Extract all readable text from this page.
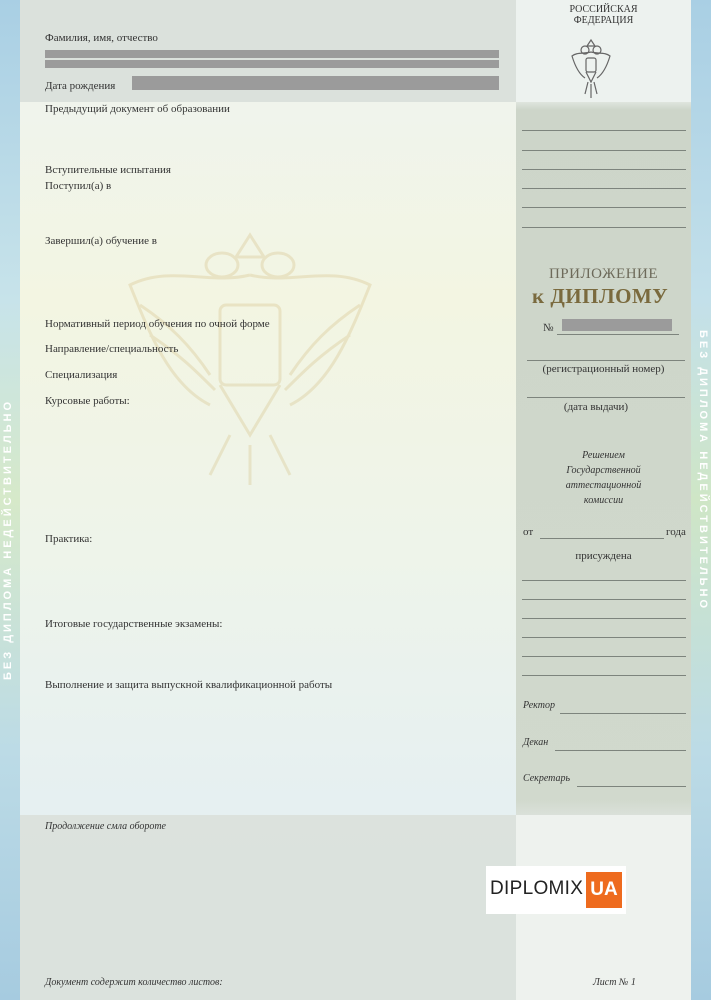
БЕЗ ДИПЛОМА НЕДЕЙСТВИТЕЛЬНО	БЕЗ ДИПЛОМА НЕДЕЙСТВИТЕЛЬНО
Фамилия, имя, отчество
Дата рождения
Предыдущий документ об образовании
Вступительные испытания
Поступил(а) в
Завершил(а) обучение в
Нормативный период обучения по очной форме
Направление/специальность
Специализация
Курсовые работы:
Практика:
Итоговые государственные экзамены:
Выполнение и защита выпускной квалификационной работы
Продолжение смла обороте
Документ содержит количество листов:
РОССИЙСКАЯ
ФЕДЕРАЦИЯ
ПРИЛОЖЕНИЕ
к ДИПЛОМУ
№
(регистрационный номер)
(дата выдачи)
Решением
Государственной
аттестационной
комиссии
от	года
присуждена
Ректор
Декан
Секретарь
DIPLOMIX UA
Лист № 1
